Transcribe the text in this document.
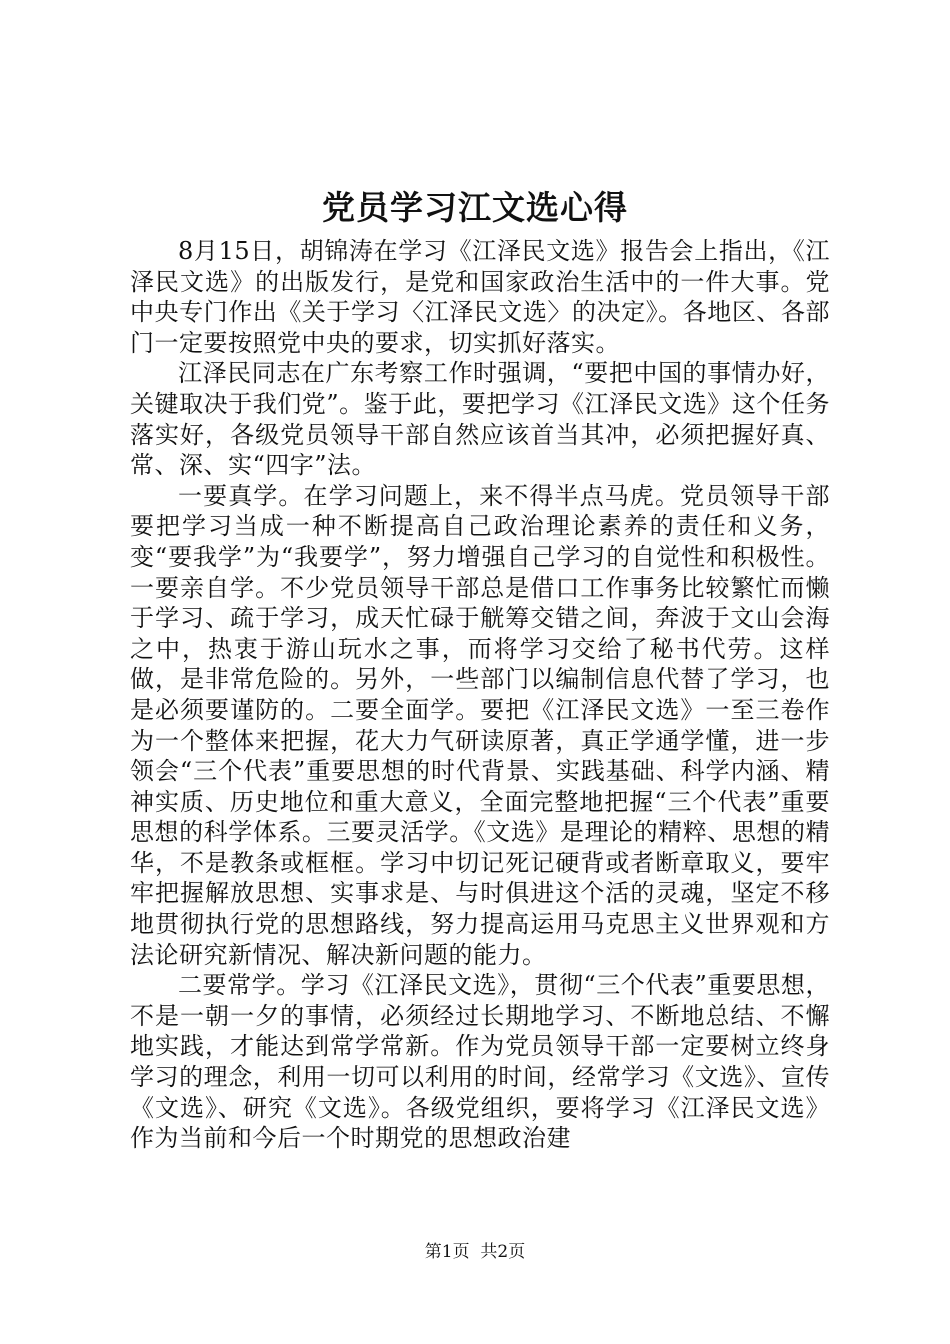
党员学习江文选心得

8月15日，胡锦涛在学习《江泽民文选》报告会上指出，《江泽民文选》的出版发行，是党和国家政治生活中的一件大事。党中央专门作出《关于学习〈江泽民文选〉的决定》。各地区、各部门一定要按照党中央的要求，切实抓好落实。

江泽民同志在广东考察工作时强调，“要把中国的事情办好，关键取决于我们党”。鉴于此，要把学习《江泽民文选》这个任务落实好，各级党员领导干部自然应该首当其冲，必须把握好真、常、深、实“四字”法。

一要真学。在学习问题上，来不得半点马虎。党员领导干部要把学习当成一种不断提高自己政治理论素养的责任和义务，变“要我学”为“我要学”，努力增强自己学习的自觉性和积极性。一要亲自学。不少党员领导干部总是借口工作事务比较繁忙而懒于学习、疏于学习，成天忙碌于觥筹交错之间，奔波于文山会海之中，热衷于游山玩水之事，而将学习交给了秘书代劳。这样做，是非常危险的。另外，一些部门以编制信息代替了学习，也是必须要谨防的。二要全面学。要把《江泽民文选》一至三卷作为一个整体来把握，花大力气研读原著，真正学通学懂，进一步领会“三个代表”重要思想的时代背景、实践基础、科学内涵、精神实质、历史地位和重大意义，全面完整地把握“三个代表”重要思想的科学体系。三要灵活学。《文选》是理论的精粹、思想的精华，不是教条或框框。学习中切记死记硬背或者断章取义，要牢牢把握解放思想、实事求是、与时俱进这个活的灵魂，坚定不移地贯彻执行党的思想路线，努力提高运用马克思主义世界观和方法论研究新情况、解决新问题的能力。

二要常学。学习《江泽民文选》，贯彻“三个代表”重要思想，不是一朝一夕的事情，必须经过长期地学习、不断地总结、不懈地实践，才能达到常学常新。作为党员领导干部一定要树立终身学习的理念，利用一切可以利用的时间，经常学习《文选》、宣传《文选》、研究《文选》。各级党组织，要将学习《江泽民文选》作为当前和今后一个时期党的思想政治建

第1页  共2页
